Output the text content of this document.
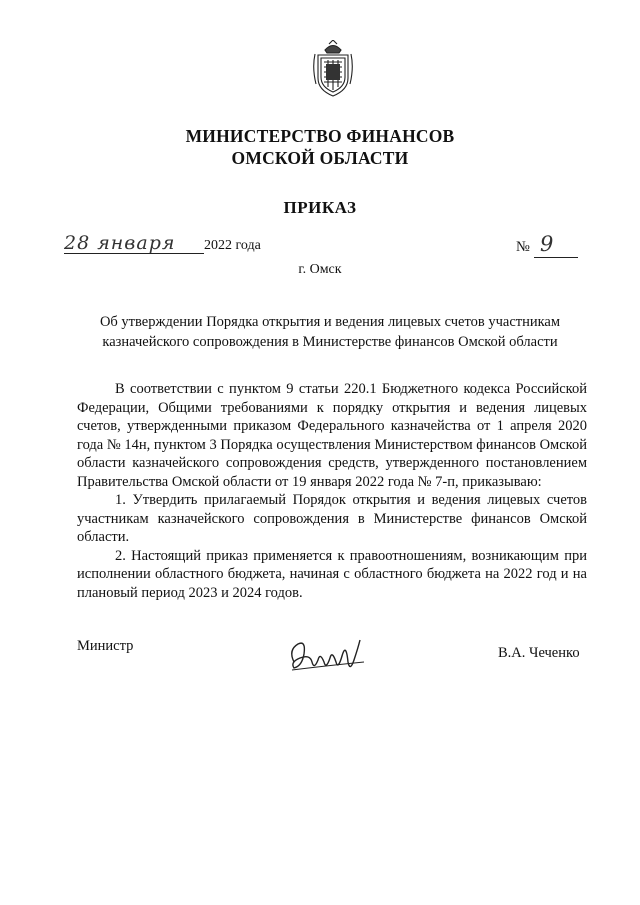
МИНИСТЕРСТВО ФИНАНСОВ
ОМСКОЙ ОБЛАСТИ
ПРИКАЗ
28 января 2022 года	№ 9
г. Омск
Об утверждении Порядка открытия и ведения лицевых счетов участникам
казначейского сопровождения в Министерстве финансов Омской области

В соответствии с пунктом 9 статьи 220.1 Бюджетного кодекса Российской Федерации, Общими требованиями к порядку открытия и ведения лицевых счетов, утвержденными приказом Федерального казначейства от 1 апреля 2020 года № 14н, пунктом 3 Порядка осуществления Министерством финансов Омской области казначейского сопровождения средств, утвержденного постановлением Правительства Омской области от 19 января 2022 года № 7-п, приказываю:

1. Утвердить прилагаемый Порядок открытия и ведения лицевых счетов участникам казначейского сопровождения в Министерстве финансов Омской области.

2. Настоящий приказ применяется к правоотношениям, возникающим при исполнении областного бюджета, начиная с областного бюджета на 2022 год и на плановый период 2023 и 2024 годов.

Министр	В.А. Чеченко
